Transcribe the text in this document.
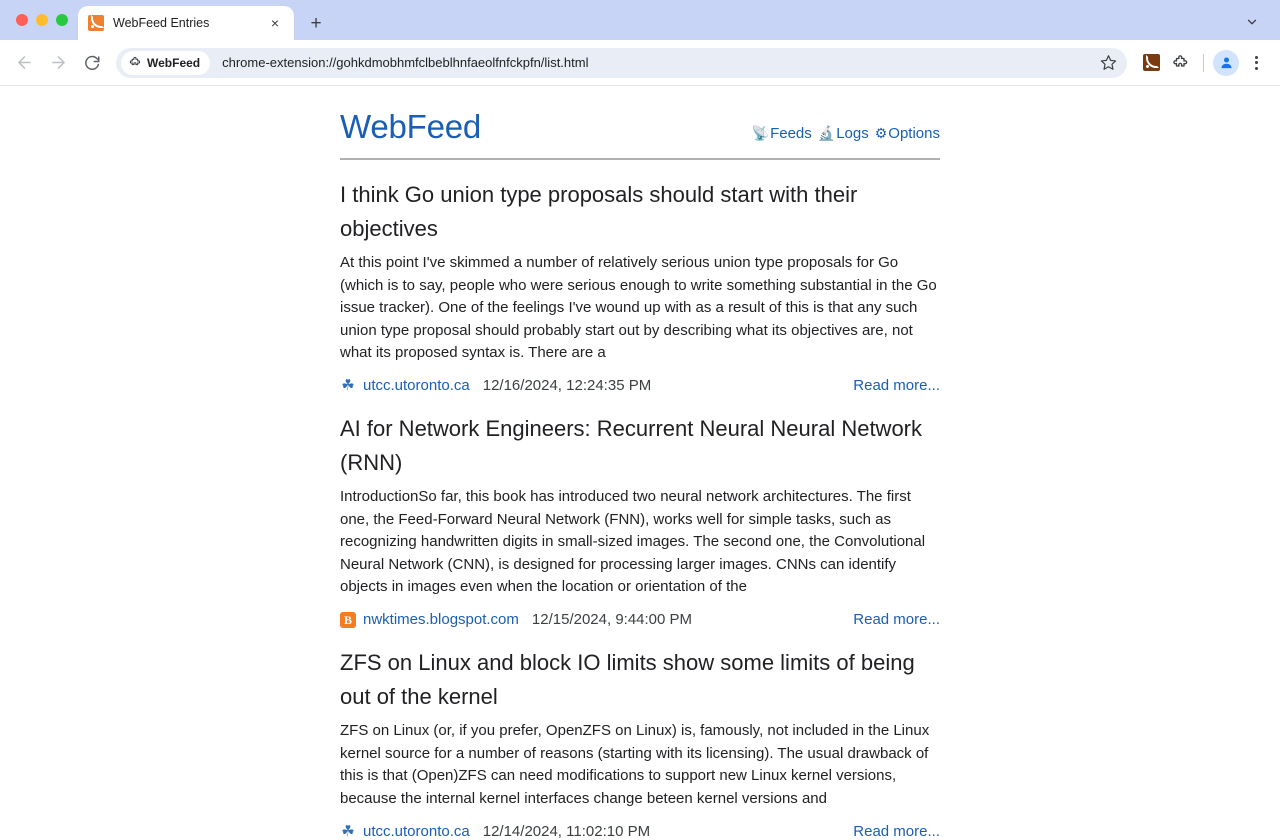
WebFeed Entries	×	+
WebFeed	chrome-extension://gohkdmobhmfclbeblhnfaeolfnfckpfn/list.html
WebFeed	📡 Feeds 🔬 Logs ⚙ Options
I think Go union type proposals should start with their objectives

At this point I've skimmed a number of relatively serious union type proposals for Go (which is to say, people who were serious enough to write something substantial in the Go issue tracker). One of the feelings I've wound up with as a result of this is that any such union type proposal should probably start out by describing what its objectives are, not what its proposed syntax is. There are a

☘ utcc.utoronto.ca 12/16/2024, 12:24:35 PM	Read more...
AI for Network Engineers: Recurrent Neural Neural Network (RNN)

IntroductionSo far, this book has introduced two neural network architectures. The first one, the Feed-Forward Neural Network (FNN), works well for simple tasks, such as recognizing handwritten digits in small-sized images. The second one, the Convolutional Neural Network (CNN), is designed for processing larger images. CNNs can identify objects in images even when the location or orientation of the

B nwktimes.blogspot.com 12/15/2024, 9:44:00 PM	Read more...
ZFS on Linux and block IO limits show some limits of being out of the kernel

ZFS on Linux (or, if you prefer, OpenZFS on Linux) is, famously, not included in the Linux kernel source for a number of reasons (starting with its licensing). The usual drawback of this is that (Open)ZFS can need modifications to support new Linux kernel versions, because the internal kernel interfaces change beteen kernel versions and

☘ utcc.utoronto.ca 12/14/2024, 11:02:10 PM	Read more...
